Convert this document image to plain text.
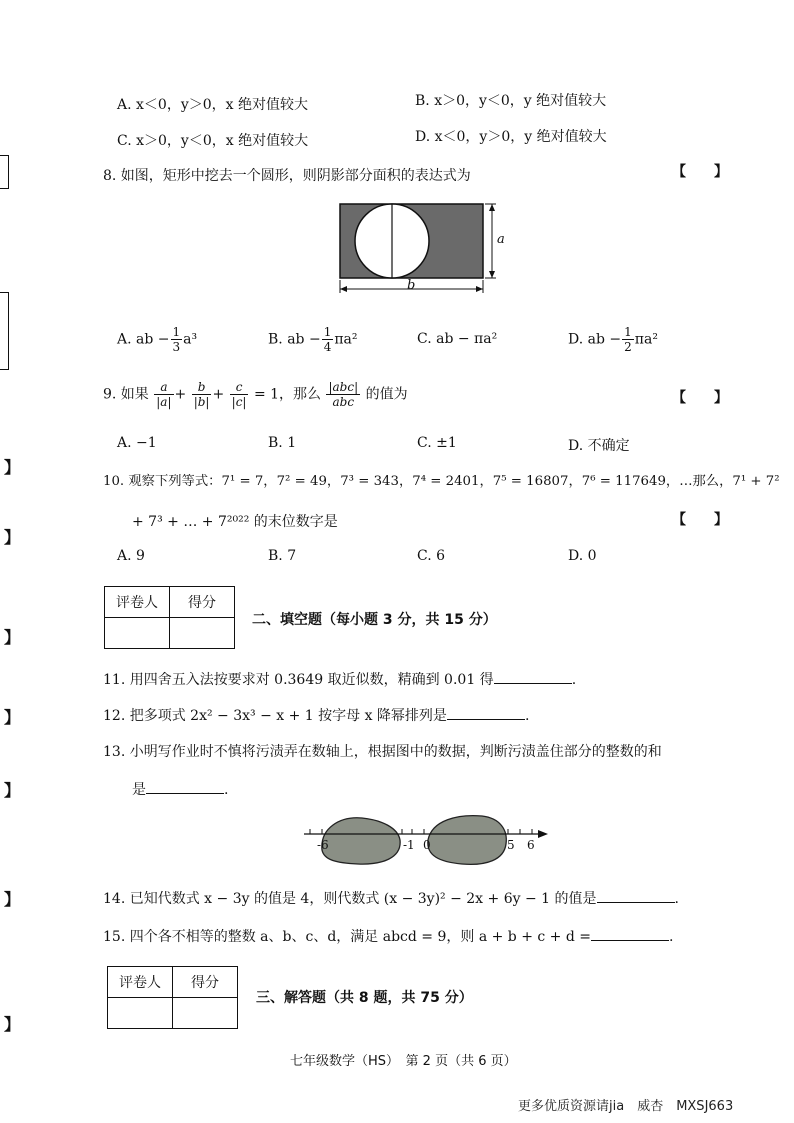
】
】
】
】
】
】
】
A. x＜0，y＞0，x 绝对值较大	B. x＞0，y＜0，y 绝对值较大
C. x＞0，y＜0，x 绝对值较大	D. x＜0，y＞0，y 绝对值较大
8. 如图，矩形中挖去一个圆形，则阴影部分面积的表达式为	【　　】
a
b
A. ab − $\frac{1}{3} a^3$	B. ab − $\frac{1}{4} \pi a^2$	C. ab − πa²	D. ab − $\frac{1}{2} \pi a^2$
9. 如果 $\frac{a}{|a|} + \frac{b}{|b|} + \frac{c}{|c|} = 1$，那么 $\frac{\text{|abc|}}{\text{abc}}$ 的值为	【　　】
A. −1	B. 1	C. ±1	D. 不确定
10. 观察下列等式：7¹ = 7，7² = 49，7³ = 343，7⁴ = 2401，7⁵ = 16807，7⁶ = 117649，…那么，7¹ + 7²
+ 7³ + … + 7²⁰²² 的末位数字是	【　　】
A. 9	B. 7	C. 6	D. 0
评卷人	得分

二、填空题（每小题 3 分，共 15 分）
11. 用四舍五入法按要求对 0.3649 取近似数，精确到 0.01 得	.
12. 把多项式 2x² − 3x³ − x + 1 按字母 x 降幂排列是	.
13. 小明写作业时不慎将污渍弄在数轴上，根据图中的数据，判断污渍盖住部分的整数的和
是	.
-6	-1 0	5 6
14. 已知代数式 x − 3y 的值是 4，则代数式 (x − 3y)² − 2x + 6y − 1 的值是	.
15. 四个各不相等的整数 a、b、c、d，满足 abcd = 9，则 a + b + c + d =	.
评卷人	得分

三、解答题（共 8 题，共 75 分）
七年级数学（HS）　第 2 页（共 6 页）
更多优质资源请jia　威杏　MXSJ663
